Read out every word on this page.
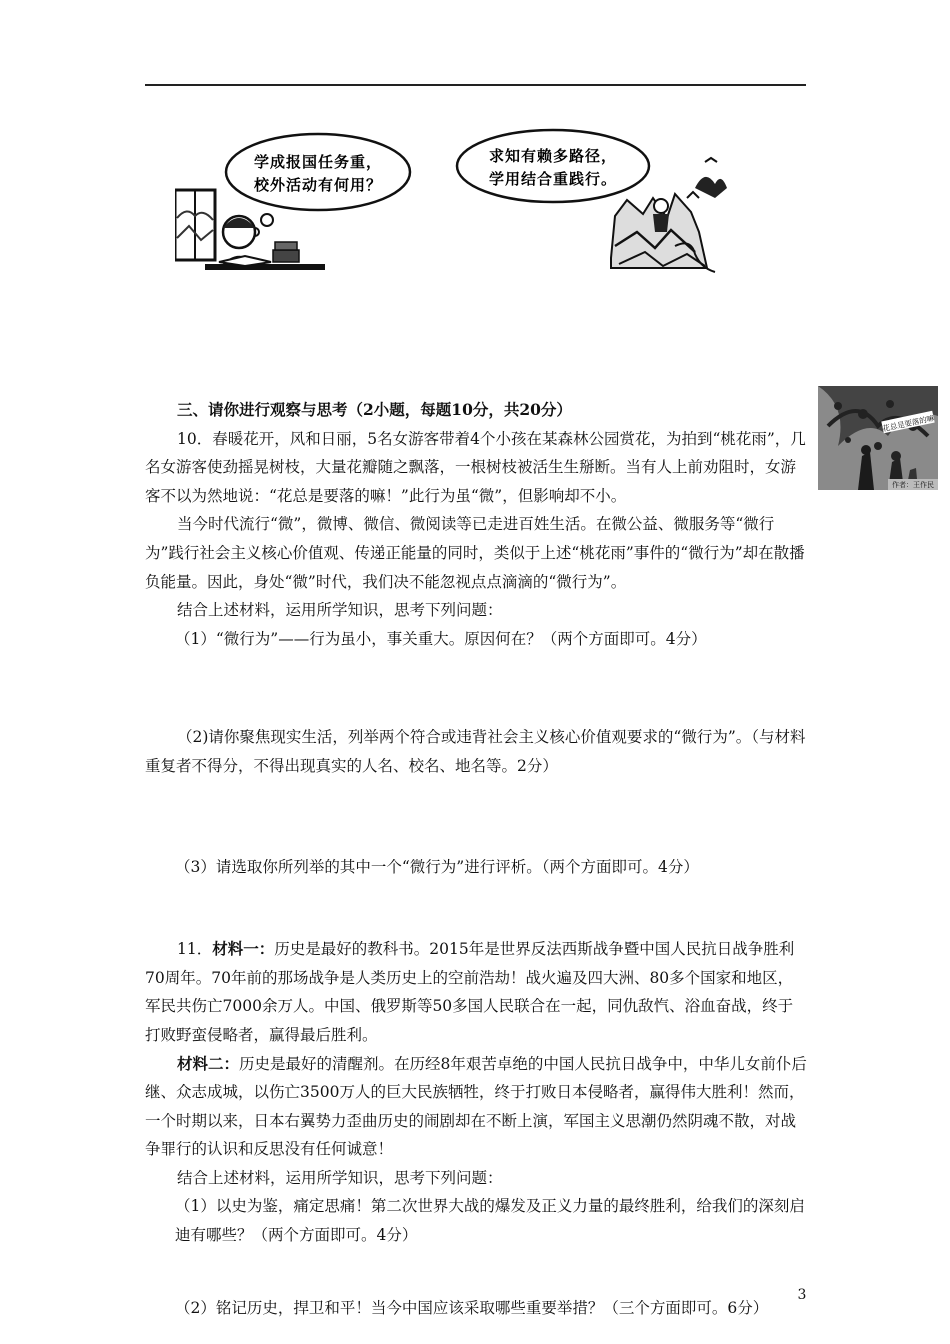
学成报国任务重，
校外活动有何用？
求知有赖多路径，
学用结合重践行。
花总是要落的嘛
作者：王作民

三、请你进行观察与思考（2小题，每题10分，共20分）

10．春暖花开，风和日丽，5名女游客带着4个小孩在某森林公园赏花，为拍到“桃花雨”，几名女游客使劲摇晃树枝，大量花瓣随之飘落，一根树枝被活生生掰断。当有人上前劝阻时，女游客不以为然地说：“花总是要落的嘛！”此行为虽“微”，但影响却不小。

当今时代流行“微”，微博、微信、微阅读等已走进百姓生活。在微公益、微服务等“微行为”践行社会主义核心价值观、传递正能量的同时，类似于上述“桃花雨”事件的“微行为”却在散播负能量。因此，身处“微”时代，我们决不能忽视点点滴滴的“微行为”。

结合上述材料，运用所学知识，思考下列问题：

（1）“微行为”——行为虽小，事关重大。原因何在？（两个方面即可。4分）

（2)请你聚焦现实生活，列举两个符合或违背社会主义核心价值观要求的“微行为”。（与材料重复者不得分，不得出现真实的人名、校名、地名等。2分）

（3）请选取你所列举的其中一个“微行为”进行评析。（两个方面即可。4分）

11．材料一：历史是最好的教科书。2015年是世界反法西斯战争暨中国人民抗日战争胜利70周年。70年前的那场战争是人类历史上的空前浩劫！战火遍及四大洲、80多个国家和地区，军民共伤亡7000余万人。中国、俄罗斯等50多国人民联合在一起，同仇敌忾、浴血奋战，终于打败野蛮侵略者，赢得最后胜利。

材料二：历史是最好的清醒剂。在历经8年艰苦卓绝的中国人民抗日战争中，中华儿女前仆后继、众志成城，以伤亡3500万人的巨大民族牺牲，终于打败日本侵略者，赢得伟大胜利！然而，一个时期以来，日本右翼势力歪曲历史的闹剧却在不断上演，军国主义思潮仍然阴魂不散，对战争罪行的认识和反思没有任何诚意！

结合上述材料，运用所学知识，思考下列问题：

（1）以史为鉴，痛定思痛！第二次世界大战的爆发及正义力量的最终胜利，给我们的深刻启迪有哪些？（两个方面即可。4分）

（2）铭记历史，捍卫和平！当今中国应该采取哪些重要举措？（三个方面即可。6分）

3
